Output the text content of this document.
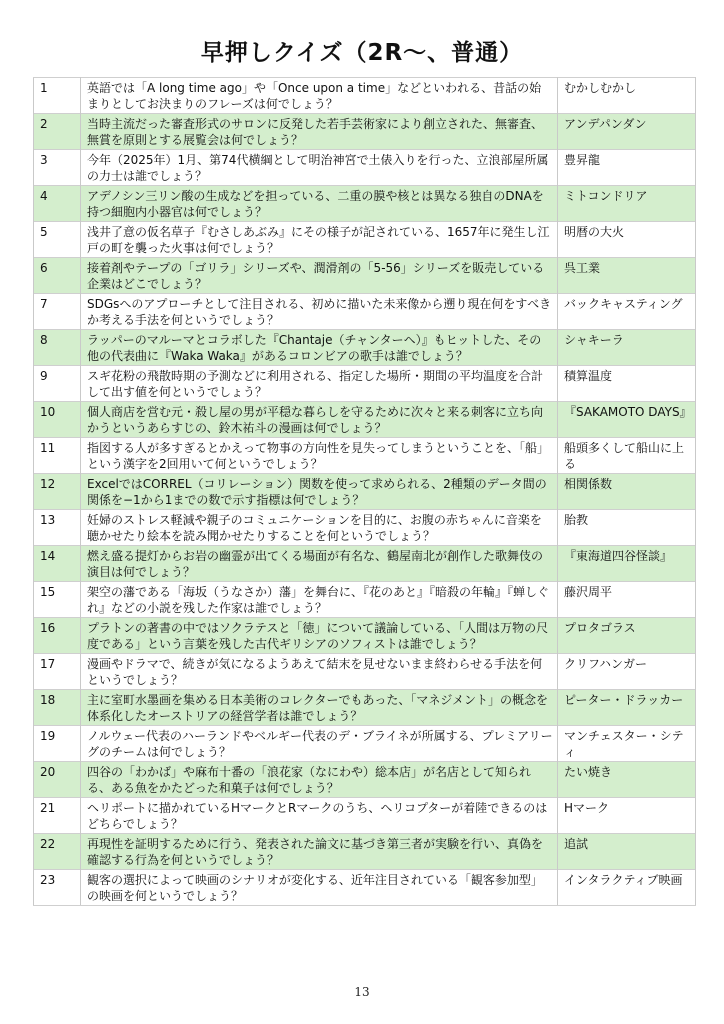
早押しクイズ（2R〜、普通）
1	英語では「A long time ago」や「Once upon a time」などといわれる、昔話の始まりとしてお決まりのフレーズは何でしょう？	むかしむかし
2	当時主流だった審査形式のサロンに反発した若手芸術家により創立された、無審査、無賞を原則とする展覧会は何でしょう？	アンデパンダン
3	今年（2025年）1月、第74代横綱として明治神宮で土俵入りを行った、立浪部屋所属の力士は誰でしょう？	豊昇龍
4	アデノシン三リン酸の生成などを担っている、二重の膜や核とは異なる独自のDNAを持つ細胞内小器官は何でしょう？	ミトコンドリア
5	浅井了意の仮名草子『むさしあぶみ』にその様子が記されている、1657年に発生し江戸の町を襲った火事は何でしょう？	明暦の大火
6	接着剤やテープの「ゴリラ」シリーズや、潤滑剤の「5-56」シリーズを販売している企業はどこでしょう？	呉工業
7	SDGsへのアプローチとして注目される、初めに描いた未来像から遡り現在何をすべきか考える手法を何というでしょう？	バックキャスティング
8	ラッパーのマルーマとコラボした『Chantaje（チャンターヘ）』もヒットした、その他の代表曲に『Waka Waka』があるコロンビアの歌手は誰でしょう？	シャキーラ
9	スギ花粉の飛散時期の予測などに利用される、指定した場所・期間の平均温度を合計して出す値を何というでしょう？	積算温度
10	個人商店を営む元・殺し屋の男が平穏な暮らしを守るために次々と来る刺客に立ち向かうというあらすじの、鈴木祐斗の漫画は何でしょう？	『SAKAMOTO DAYS』
11	指図する人が多すぎるとかえって物事の方向性を見失ってしまうということを、「船」という漢字を2回用いて何というでしょう？	船頭多くして船山に上る
12	ExcelではCORREL（コリレーション）関数を使って求められる、2種類のデータ間の関係を−1から1までの数で示す指標は何でしょう？	相関係数
13	妊婦のストレス軽減や親子のコミュニケーションを目的に、お腹の赤ちゃんに音楽を聴かせたり絵本を読み聞かせたりすることを何というでしょう？	胎教
14	燃え盛る提灯からお岩の幽霊が出てくる場面が有名な、鶴屋南北が創作した歌舞伎の演目は何でしょう？	『東海道四谷怪談』
15	架空の藩である「海坂（うなさか）藩」を舞台に、『花のあと』『暗殺の年輪』『蝉しぐれ』などの小説を残した作家は誰でしょう？	藤沢周平
16	プラトンの著書の中ではソクラテスと「徳」について議論している、「人間は万物の尺度である」という言葉を残した古代ギリシアのソフィストは誰でしょう？	プロタゴラス
17	漫画やドラマで、続きが気になるようあえて結末を見せないまま終わらせる手法を何というでしょう？	クリフハンガー
18	主に室町水墨画を集める日本美術のコレクターでもあった、「マネジメント」の概念を体系化したオーストリアの経営学者は誰でしょう？	ピーター・ドラッカー
19	ノルウェー代表のハーランドやベルギー代表のデ・ブライネが所属する、プレミアリーグのチームは何でしょう？	マンチェスター・シティ
20	四谷の「わかば」や麻布十番の「浪花家（なにわや）総本店」が名店として知られる、ある魚をかたどった和菓子は何でしょう？	たい焼き
21	ヘリポートに描かれているHマークとRマークのうち、ヘリコプターが着陸できるのはどちらでしょう？	Hマーク
22	再現性を証明するために行う、発表された論文に基づき第三者が実験を行い、真偽を確認する行為を何というでしょう？	追試
23	観客の選択によって映画のシナリオが変化する、近年注目されている「観客参加型」の映画を何というでしょう？	インタラクティブ映画
13
